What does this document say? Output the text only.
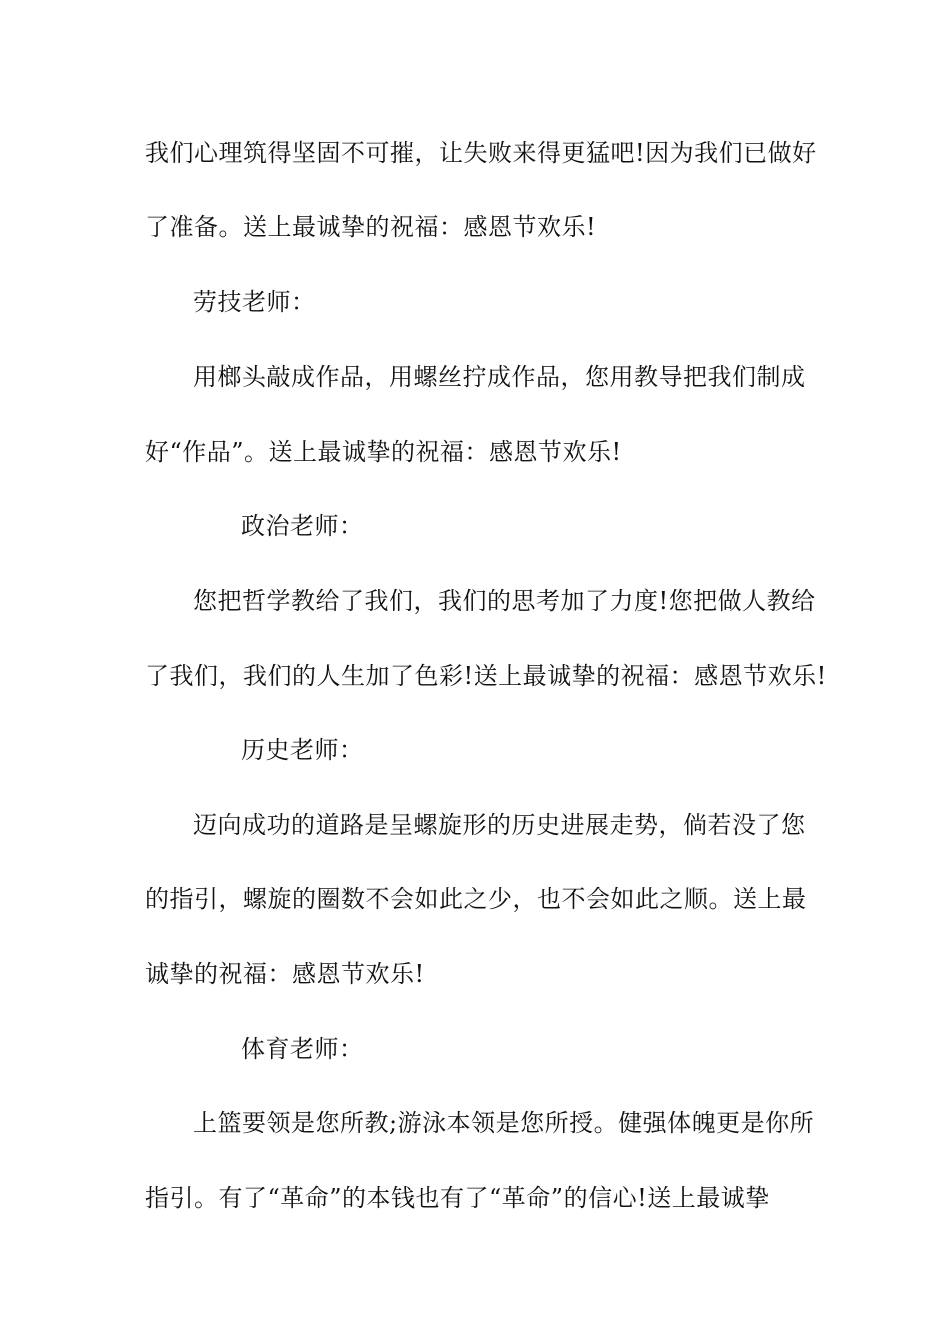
我们心理筑得坚固不可摧，让失败来得更猛吧!因为我们已做好
了准备。送上最诚挚的祝福：感恩节欢乐!
劳技老师：
用榔头敲成作品，用螺丝拧成作品，您用教导把我们制成
好“作品”。送上最诚挚的祝福：感恩节欢乐!
政治老师：
您把哲学教给了我们，我们的思考加了力度!您把做人教给
了我们，我们的人生加了色彩!送上最诚挚的祝福：感恩节欢乐!
历史老师：
迈向成功的道路是呈螺旋形的历史进展走势，倘若没了您
的指引，螺旋的圈数不会如此之少，也不会如此之顺。送上最
诚挚的祝福：感恩节欢乐!
体育老师：
上篮要领是您所教;游泳本领是您所授。健强体魄更是你所
指引。有了“革命”的本钱也有了“革命”的信心!送上最诚挚
